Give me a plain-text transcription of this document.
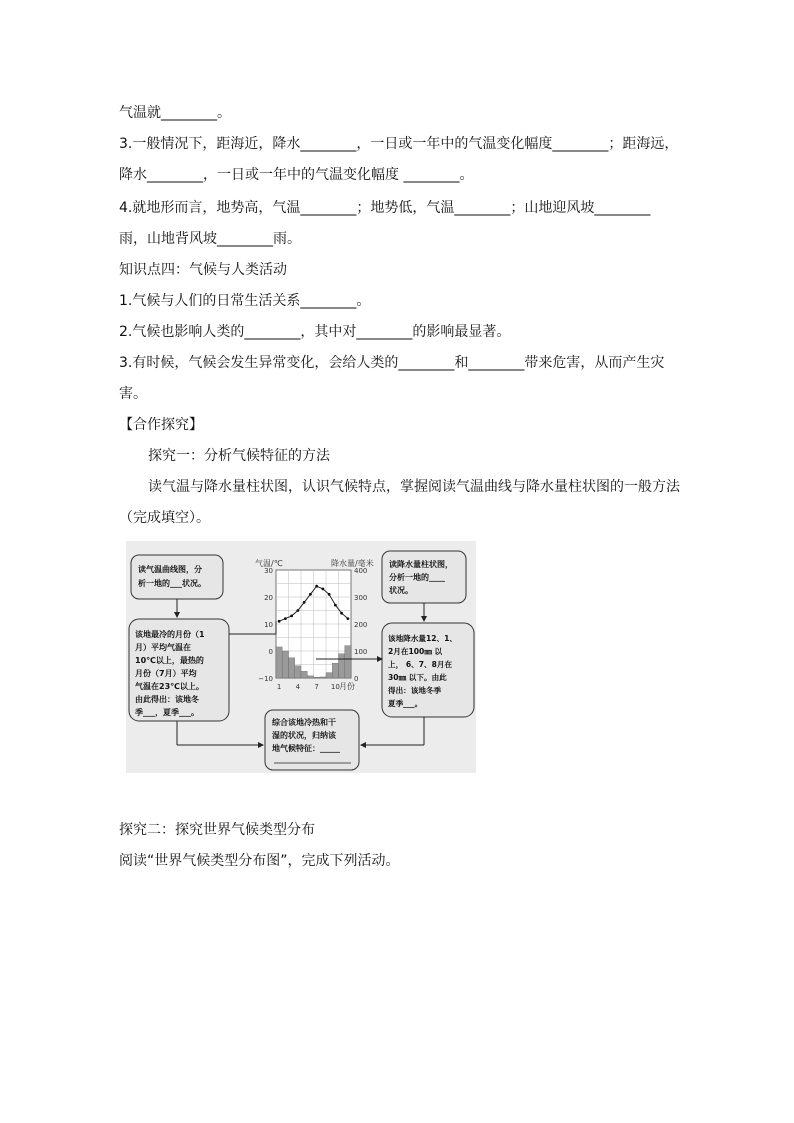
气温就________。
3.一般情况下，距海近，降水________，一日或一年中的气温变化幅度________；距海远，
降水________，一日或一年中的气温变化幅度 ________。
4.就地形而言，地势高，气温________；地势低，气温________；山地迎风坡________
雨，山地背风坡________雨。
知识点四：气候与人类活动
1.气候与人们的日常生活关系________。
2.气候也影响人类的________，其中对________的影响最显著。
3.有时候，气候会发生异常变化，会给人类的________和________带来危害，从而产生灾
害。
【合作探究】
探究一：分析气候特征的方法
读气温与降水量柱状图，认识气候特点，掌握阅读气温曲线与降水量柱状图的一般方法
（完成填空）。
气温/℃	降水量/毫米
30
20
10
0
−10
400
300
200
100
0
1 4 7 10 月份
读气温曲线图，分
析一地的___状况。
该地最冷的月份（1
月）平均气温在
10℃以上，最热的
月份（7月）平均
气温在23℃以上。
由此得出：该地冬
季___，夏季___。
读降水量柱状图，
分析一地的____
状况。
该地降水量12、1、
2月在100㎜ 以
上， 6、7、8月在
30㎜ 以下。由此
得出：该地冬季
夏季___。
综合该地冷热和干
湿的状况，归纳该
地气候特征：_____
探究二：探究世界气候类型分布
阅读“世界气候类型分布图”，完成下列活动。
